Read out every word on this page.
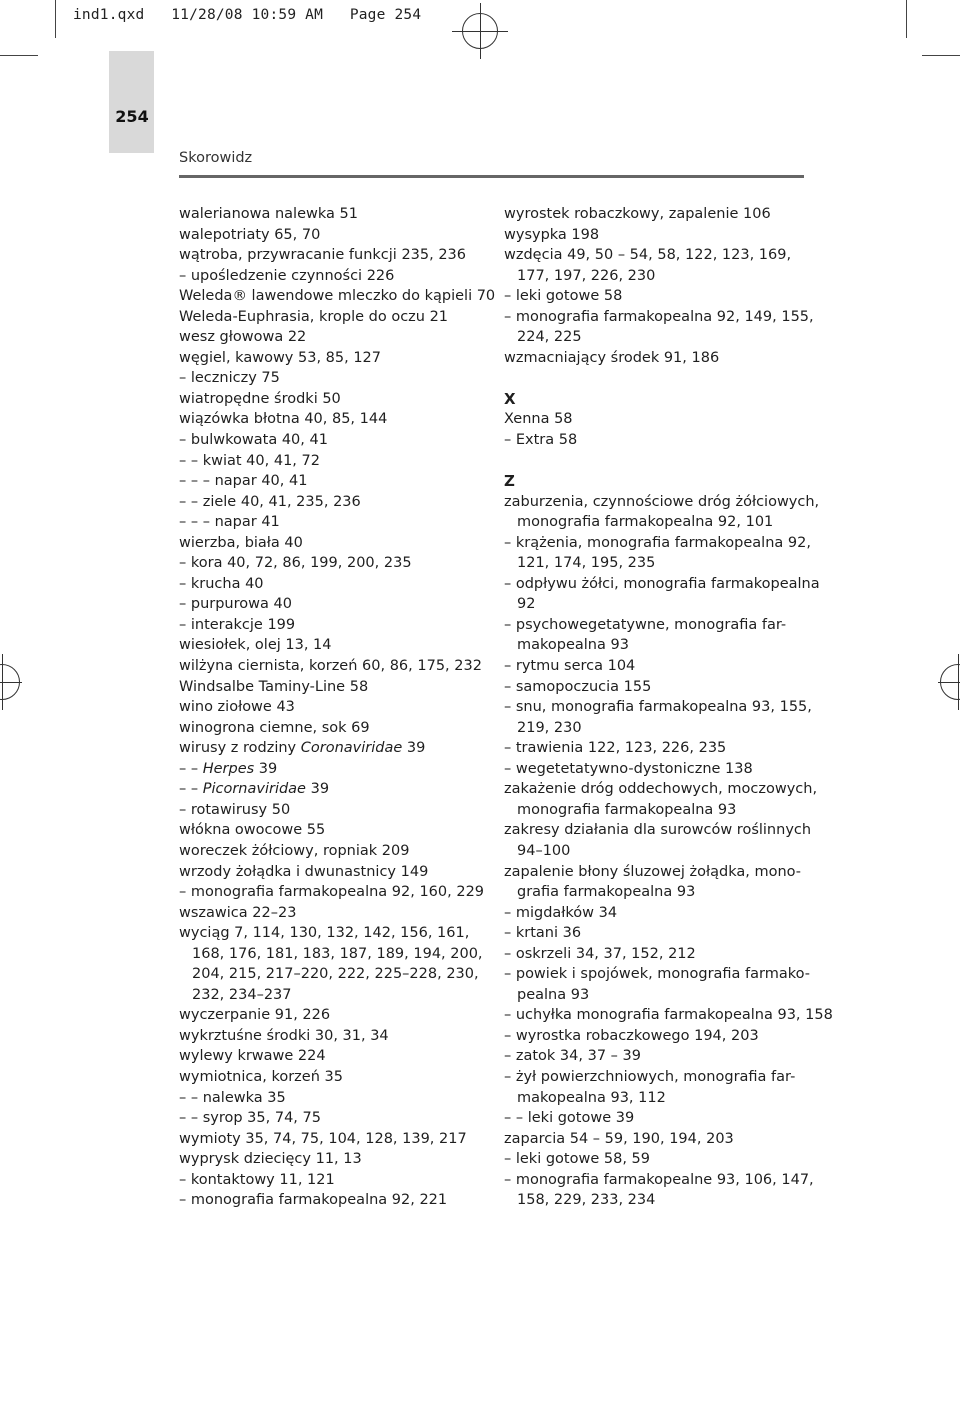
ind1.qxd   11/28/08 10:59 AM   Page 254
254
Skorowidz
walerianowa nalewka 51
walepotriaty 65, 70
wątroba, przywracanie funkcji 235, 236
– upośledzenie czynności 226
Weleda® lawendowe mleczko do kąpieli 70
Weleda-Euphrasia, krople do oczu 21
wesz głowowa 22
węgiel, kawowy 53, 85, 127
– leczniczy 75
wiatropędne środki 50
wiązówka błotna 40, 85, 144
– bulwkowata 40, 41
– – kwiat 40, 41, 72
– – – napar 40, 41
– – ziele 40, 41, 235, 236
– – – napar 41
wierzba, biała 40
– kora 40, 72, 86, 199, 200, 235
– krucha 40
– purpurowa 40
– interakcje 199
wiesiołek, olej 13, 14
wilżyna ciernista, korzeń 60, 86, 175, 232
Windsalbe Taminy-Line 58
wino ziołowe 43
winogrona ciemne, sok 69
wirusy z rodziny Coronaviridae 39
– – Herpes 39
– – Picornaviridae 39
– rotawirusy 50
włókna owocowe 55
woreczek żółciowy, ropniak 209
wrzody żołądka i dwunastnicy 149
– monografia farmakopealna 92, 160, 229
wszawica 22–23
wyciąg 7, 114, 130, 132, 142, 156, 161,
168, 176, 181, 183, 187, 189, 194, 200,
204, 215, 217–220, 222, 225–228, 230,
232, 234–237
wyczerpanie 91, 226
wykrztuśne środki 30, 31, 34
wylewy krwawe 224
wymiotnica, korzeń 35
– – nalewka 35
– – syrop 35, 74, 75
wymioty 35, 74, 75, 104, 128, 139, 217
wyprysk dziecięcy 11, 13
– kontaktowy 11, 121
– monografia farmakopealna 92, 221
wyrostek robaczkowy, zapalenie 106
wysypka 198
wzdęcia 49, 50 – 54, 58, 122, 123, 169,
177, 197, 226, 230
– leki gotowe 58
– monografia farmakopealna 92, 149, 155,
224, 225
wzmacniający środek 91, 186
X
Xenna 58
– Extra 58
Z
zaburzenia, czynnościowe dróg żółciowych,
monografia farmakopealna 92, 101
– krążenia, monografia farmakopealna 92,
121, 174, 195, 235
– odpływu żółci, monografia farmakopealna
92
– psychowegetatywne, monografia far-
makopealna 93
– rytmu serca 104
– samopoczucia 155
– snu, monografia farmakopealna 93, 155,
219, 230
– trawienia 122, 123, 226, 235
– wegetetatywno-dystoniczne 138
zakażenie dróg oddechowych, moczowych,
monografia farmakopealna 93
zakresy działania dla surowców roślinnych
94–100
zapalenie błony śluzowej żołądka, mono-
grafia farmakopealna 93
– migdałków 34
– krtani 36
– oskrzeli 34, 37, 152, 212
– powiek i spojówek, monografia farmako-
pealna 93
– uchyłka monografia farmakopealna 93, 158
– wyrostka robaczkowego 194, 203
– zatok 34, 37 – 39
– żył powierzchniowych, monografia far-
makopealna 93, 112
– – leki gotowe 39
zaparcia 54 – 59, 190, 194, 203
– leki gotowe 58, 59
– monografia farmakopealne 93, 106, 147,
158, 229, 233, 234
